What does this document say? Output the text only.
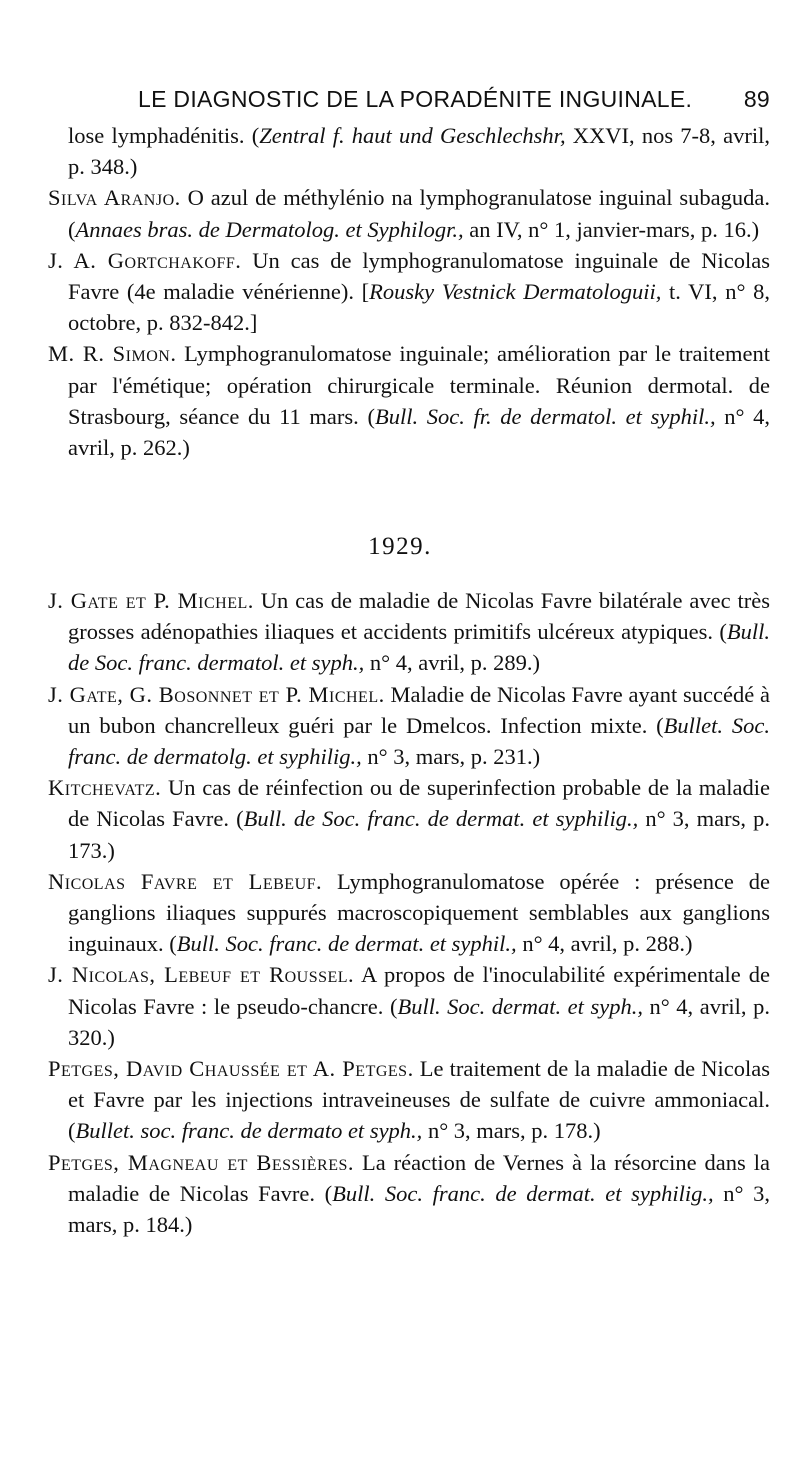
LE DIAGNOSTIC DE LA PORADÉNITE INGUINALE. 89

lose lymphadénitis. (Zentral f. haut und Geschlechshr, XXVI, nos 7-8, avril, p. 348.)

Silva Aranjo. O azul de méthylénio na lymphogranulatose inguinal subaguda. (Annaes bras. de Dermatolog. et Syphilogr., an IV, n° 1, janvier-mars, p. 16.)

J. A. Gortchakoff. Un cas de lymphogranulomatose inguinale de Nicolas Favre (4e maladie vénérienne). [Rousky Vestnick Dermatologuii, t. VI, n° 8, octobre, p. 832-842.]

M. R. Simon. Lymphogranulomatose inguinale; amélioration par le traitement par l'émétique; opération chirurgicale terminale. Réunion dermotal. de Strasbourg, séance du 11 mars. (Bull. Soc. fr. de dermatol. et syphil., n° 4, avril, p. 262.)

1929.

J. Gate et P. Michel. Un cas de maladie de Nicolas Favre bilatérale avec très grosses adénopathies iliaques et accidents primitifs ulcéreux atypiques. (Bull. de Soc. franc. dermatol. et syph., n° 4, avril, p. 289.)

J. Gate, G. Bosonnet et P. Michel. Maladie de Nicolas Favre ayant succédé à un bubon chancrelleux guéri par le Dmelcos. Infection mixte. (Bullet. Soc. franc. de dermatolg. et syphilig., n° 3, mars, p. 231.)

Kitchevatz. Un cas de réinfection ou de superinfection probable de la maladie de Nicolas Favre. (Bull. de Soc. franc. de dermat. et syphilig., n° 3, mars, p. 173.)

Nicolas Favre et Lebeuf. Lymphogranulomatose opérée : présence de ganglions iliaques suppurés macroscopiquement semblables aux ganglions inguinaux. (Bull. Soc. franc. de dermat. et syphil., n° 4, avril, p. 288.)

J. Nicolas, Lebeuf et Roussel. A propos de l'inoculabilité expérimentale de Nicolas Favre : le pseudo-chancre. (Bull. Soc. dermat. et syph., n° 4, avril, p. 320.)

Petges, David Chaussée et A. Petges. Le traitement de la maladie de Nicolas et Favre par les injections intraveineuses de sulfate de cuivre ammoniacal. (Bullet. soc. franc. de dermato et syph., n° 3, mars, p. 178.)

Petges, Magneau et Bessières. La réaction de Vernes à la résorcine dans la maladie de Nicolas Favre. (Bull. Soc. franc. de dermat. et syphilig., n° 3, mars, p. 184.)
